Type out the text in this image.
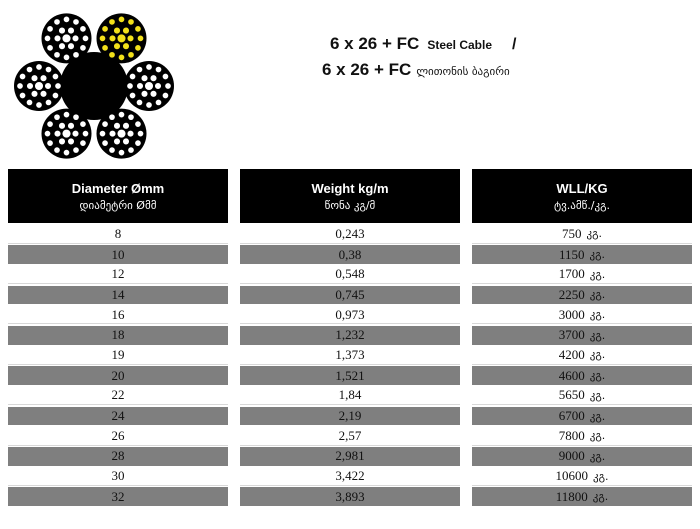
6 x 26 + FC Steel Cable /
6 x 26 + FC ლითონის ბაგირი
Diameter Ømm
დიამეტრი Øმმ
Weight kg/m
წონა კგ/მ
WLL/KG
ტვ.ამწ./კგ.
8	0,243	750 კგ.
10	0,38	1150 კგ.
12	0,548	1700 კგ.
14	0,745	2250 კგ.
16	0,973	3000 კგ.
18	1,232	3700 კგ.
19	1,373	4200 კგ.
20	1,521	4600 კგ.
22	1,84	5650 კგ.
24	2,19	6700 კგ.
26	2,57	7800 კგ.
28	2,981	9000 კგ.
30	3,422	10600 კგ.
32	3,893	11800 კგ.
